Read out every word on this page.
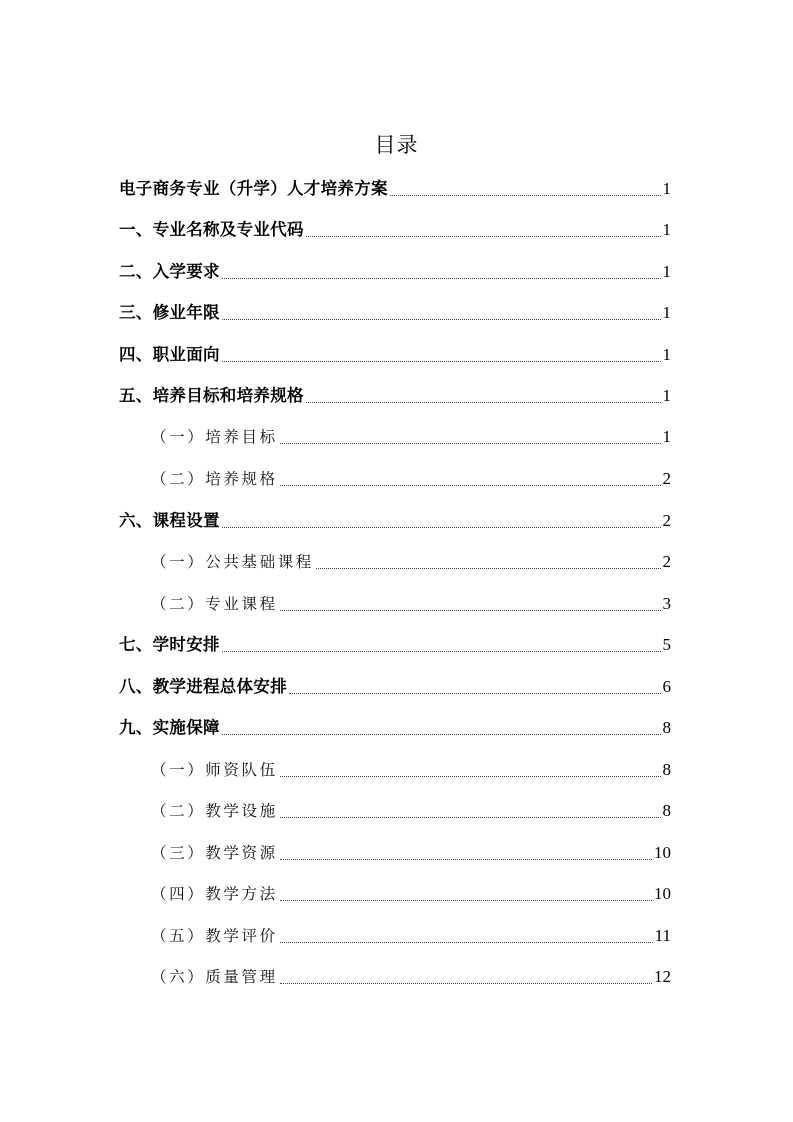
目录
电子商务专业（升学）人才培养方案	1
一、专业名称及专业代码	1
二、入学要求	1
三、修业年限	1
四、职业面向	1
五、培养目标和培养规格	1
（一）培养目标	1
（二）培养规格	2
六、课程设置	2
（一）公共基础课程	2
（二）专业课程	3
七、学时安排	5
八、教学进程总体安排	6
九、实施保障	8
（一）师资队伍	8
（二）教学设施	8
（三）教学资源	10
（四）教学方法	10
（五）教学评价	11
（六）质量管理	12
